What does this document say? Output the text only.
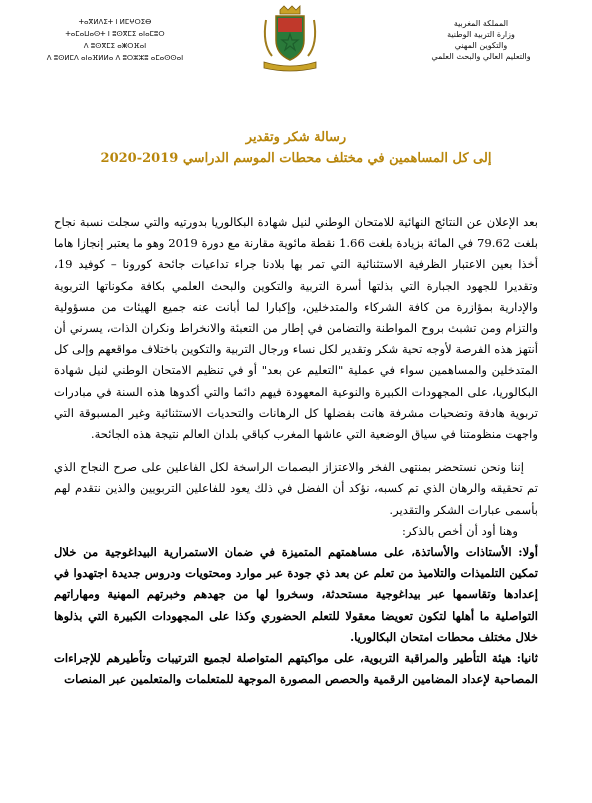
ⵜⴰⴳⵍⴷⵉⵜ ⵏ ⵍⵎⵖⵔⵉⴱ
ⵜⴰⵎⴰⵡⴰⵙⵜ ⵏ ⵓⵙⴳⵎⵉ ⴰⵏⴰⵎⵓⵔ
ⴷ ⵓⵙⴳⵎⵉ ⴰⵥⵔⴼⴰⵏ
ⴷ ⵓⵙⵍⵎⴷ ⴰⵏⴰⴼⵍⵍⴰ ⴷ ⵓⵔⵣⵣⵓ ⴰⵎⴰⵙⵙⴰⵏ
المملكة المغربية
وزارة التربية الوطنية
والتكوين المهني
والتعليم العالي والبحث العلمي
رسالة شكر وتقدير
إلى كل المساهمين في مختلف محطات الموسم الدراسي 2019-2020

بعد الإعلان عن النتائج النهائية للامتحان الوطني لنيل شهادة البكالوريا بدورتيه والتي سجلت نسبة نجاح بلغت 79.62 في المائة بزيادة بلغت 1.66 نقطة مائوية مقارنة مع دورة 2019 وهو ما يعتبر إنجازا هاما أخذا بعين الاعتبار الظرفية الاستثنائية التي تمر بها بلادنا جراء تداعيات جائحة كورونا – كوفيد 19، وتقديرا للجهود الجبارة التي بذلتها أسرة التربية والتكوين والبحث العلمي بكافة مكوناتها التربوية والإدارية بمؤازرة من كافة الشركاء والمتدخلين، وإكبارا لما أبانت عنه جميع الهيئات من مسؤولية والتزام ومن تشبث بروح المواطنة والتضامن في إطار من التعبئة والانخراط ونكران الذات، يسرني أن أنتهز هذه الفرصة لأوجه تحية شكر وتقدير لكل نساء ورجال التربية والتكوين باختلاف مواقعهم وإلى كل المتدخلين والمساهمين سواء في عملية "التعليم عن بعد" أو في تنظيم الامتحان الوطني لنيل شهادة البكالوريا، على المجهودات الكبيرة والنوعية المعهودة فيهم دائما والتي أكدوها هذه السنة في مبادرات تربوية هادفة وتضحيات مشرفة هانت بفضلها كل الرهانات والتحديات الاستثنائية وغير المسبوقة التي واجهت منظومتنا في سياق الوضعية التي عاشها المغرب كباقي بلدان العالم نتيجة هذه الجائحة.

إننا ونحن نستحضر بمنتهى الفخر والاعتزاز البصمات الراسخة لكل الفاعلين على صرح النجاح الذي تم تحقيقه والرهان الذي تم كسبه، نؤكد أن الفضل في ذلك يعود للفاعلين التربويين والذين نتقدم لهم بأسمى عبارات الشكر والتقدير.

وهنا أود أن أخص بالذكر:

أولا: الأستاذات والأساتذة، على مساهمتهم المتميزة في ضمان الاستمرارية البيداغوجية من خلال تمكين التلميذات والتلاميذ من تعلم عن بعد ذي جودة عبر موارد ومحتويات ودروس جديدة اجتهدوا في إعدادها وتقاسمها عبر بيداغوجية مستحدثة، وسخروا لها من جهدهم وخبرتهم المهنية ومهاراتهم التواصلية ما أهلها لتكون تعويضا معقولا للتعلم الحضوري وكذا على المجهودات الكبيرة التي بذلوها خلال مختلف محطات امتحان البكالوريا.

ثانيا: هيئة التأطير والمراقبة التربوية، على مواكبتهم المتواصلة لجميع الترتيبات وتأطيرهم للإجراءات المصاحبة لإعداد المضامين الرقمية والحصص المصورة الموجهة للمتعلمات والمتعلمين عبر المنصات
